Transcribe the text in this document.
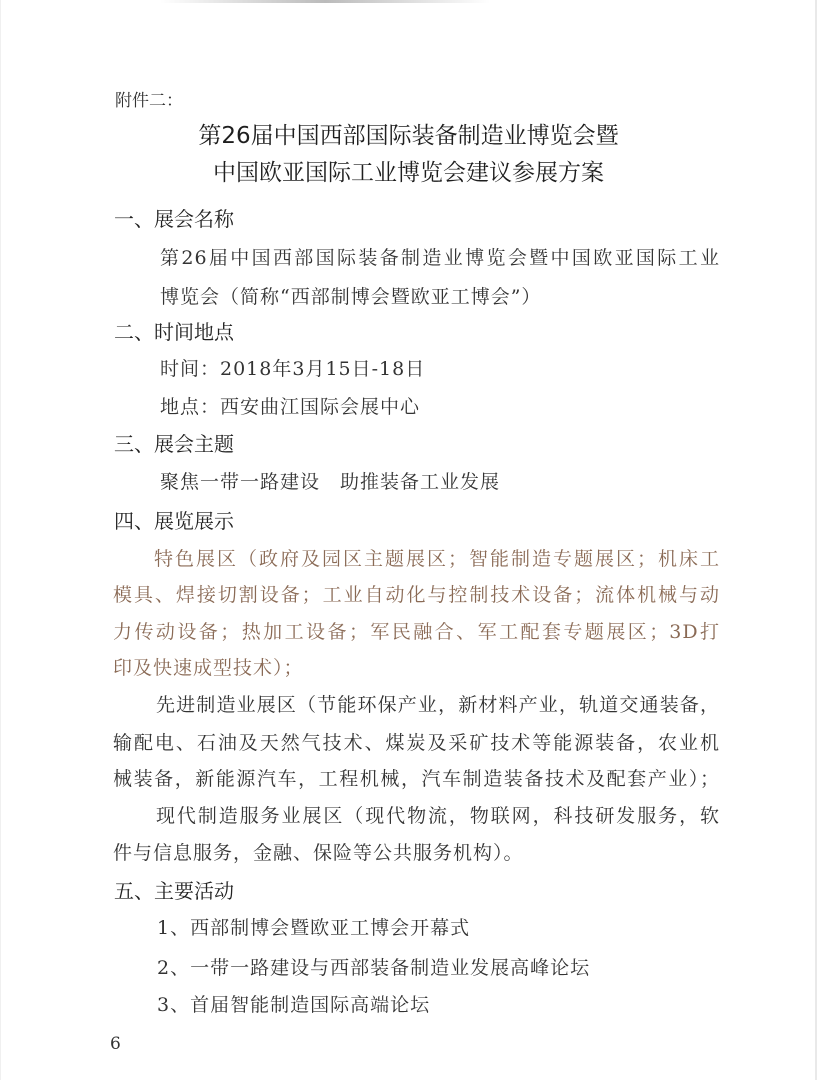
附件二：
第26届中国西部国际装备制造业博览会暨
中国欧亚国际工业博览会建议参展方案
一、展会名称
第26届中国西部国际装备制造业博览会暨中国欧亚国际工业
博览会（简称“西部制博会暨欧亚工博会”）
二、时间地点
时间：2018年3月15日-18日
地点：西安曲江国际会展中心
三、展会主题
聚焦一带一路建设　助推装备工业发展
四、展览展示
特色展区（政府及园区主题展区；智能制造专题展区；机床工
模具、焊接切割设备；工业自动化与控制技术设备；流体机械与动
力传动设备；热加工设备；军民融合、军工配套专题展区；3D打
印及快速成型技术）；
先进制造业展区（节能环保产业，新材料产业，轨道交通装备，
输配电、石油及天然气技术、煤炭及采矿技术等能源装备，农业机
械装备，新能源汽车，工程机械，汽车制造装备技术及配套产业）；
现代制造服务业展区（现代物流，物联网，科技研发服务，软
件与信息服务，金融、保险等公共服务机构）。
五、主要活动
1、西部制博会暨欧亚工博会开幕式
2、一带一路建设与西部装备制造业发展高峰论坛
3、首届智能制造国际高端论坛
6
